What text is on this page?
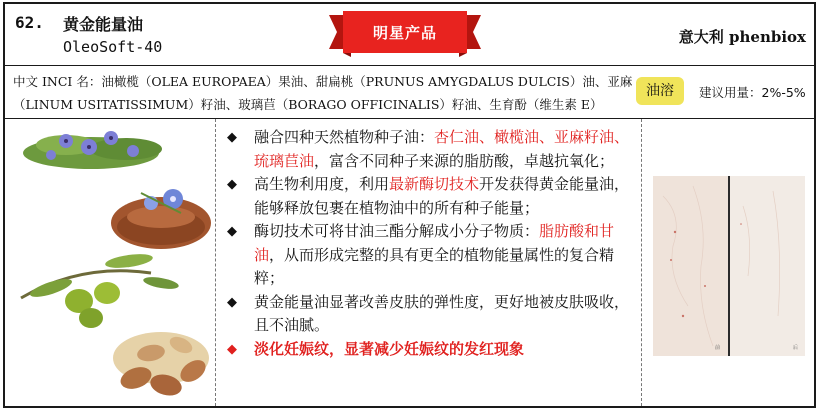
62. 黄金能量油
OleoSoft-40
明星产品	意大利 phenbiox
中文 INCI 名：油橄榄（OLEA EUROPAEA）果油、甜扁桃（PRUNUS AMYGDALUS DULCIS）油、亚麻
（LINUM USITATISSIMUM）籽油、玻璃苣（BORAGO OFFICINALIS）籽油、生育酚（维生素 E）
油溶	建议用量：2%-5%
◆ 融合四种天然植物种子油：杏仁油、橄榄油、亚麻籽油、琉璃苣油，富含不同种子来源的脂肪酸，卓越抗氧化；
◆ 高生物利用度，利用最新酶切技术开发获得黄金能量油，能够释放包裹在植物油中的所有种子能量；
◆ 酶切技术可将甘油三酯分解成小分子物质：脂肪酸和甘油，从而形成完整的具有更全的植物能量属性的复合精粹；
◆ 黄金能量油显著改善皮肤的弹性度，更好地被皮肤吸收，且不油腻。
◆ 淡化妊娠纹，显著减少妊娠纹的发红现象	前	后
